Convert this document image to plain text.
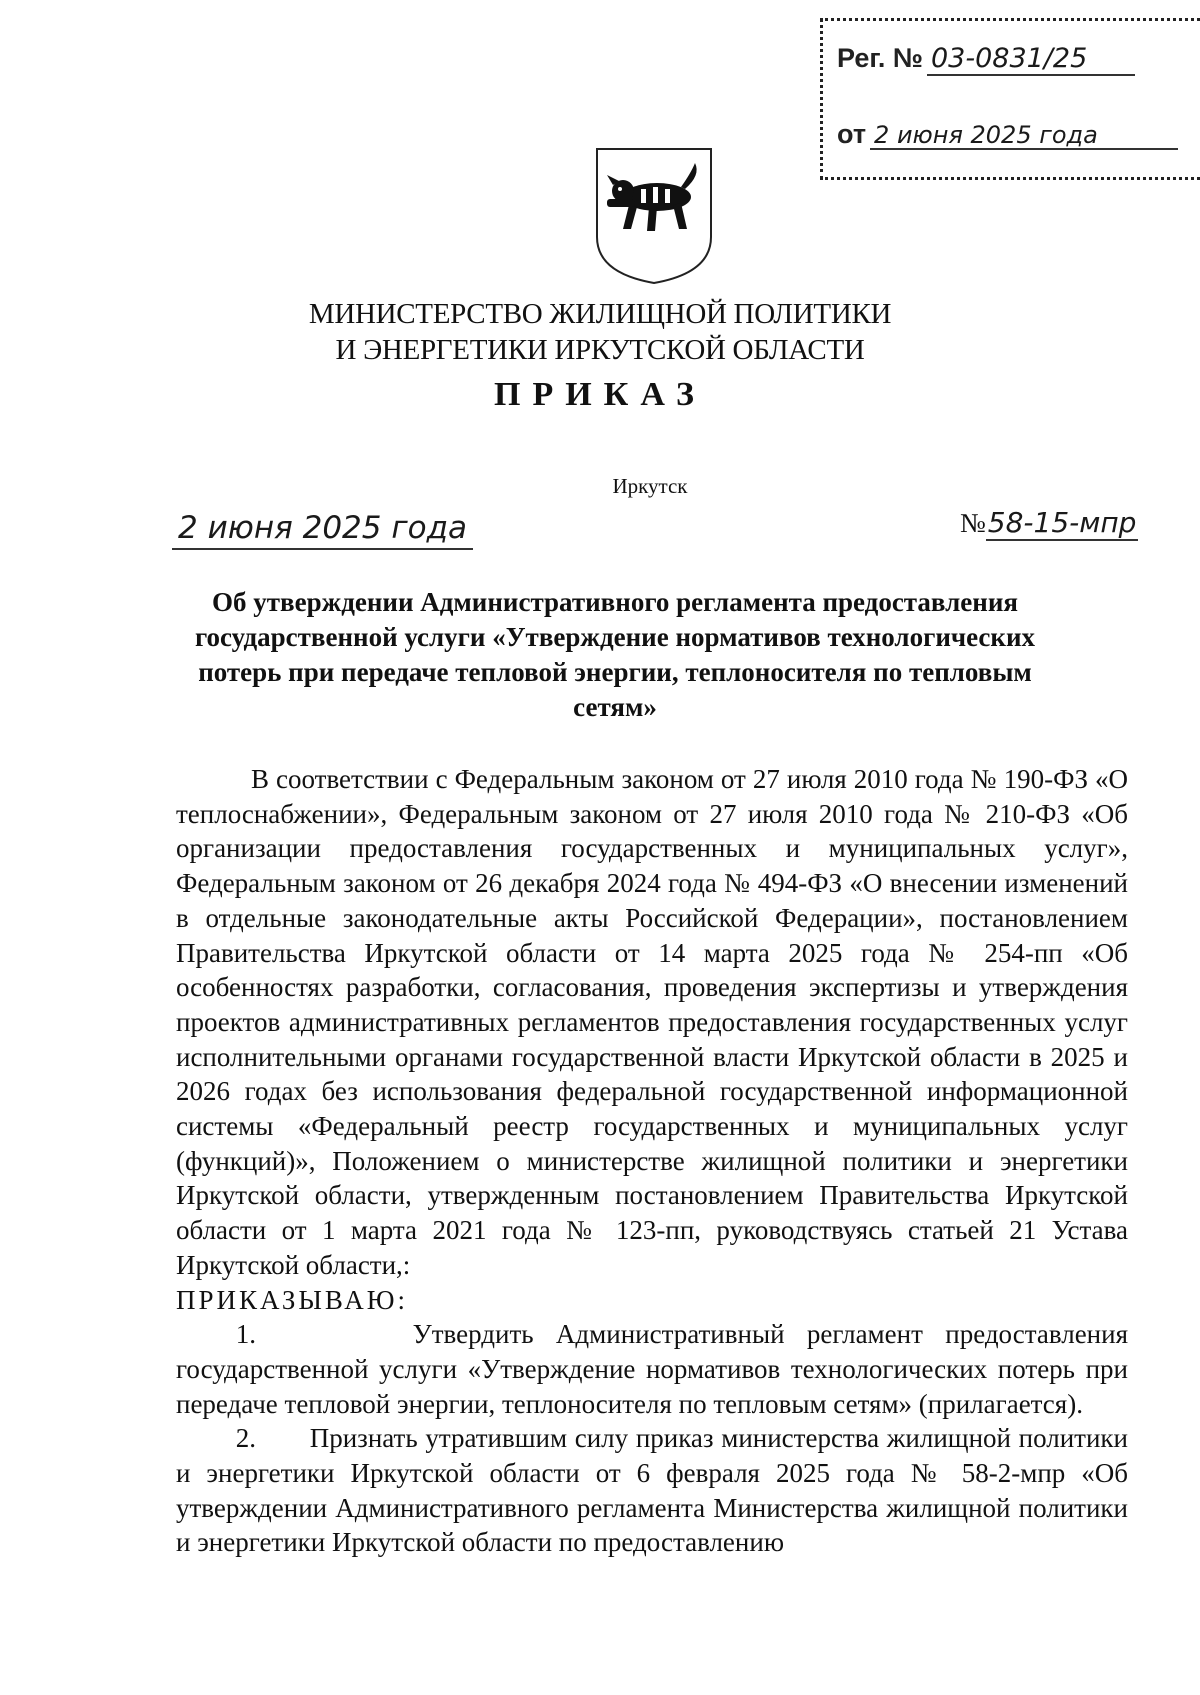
Рег. № 03-0831/25
от 2 июня 2025 года
МИНИСТЕРСТВО ЖИЛИЩНОЙ ПОЛИТИКИ
И ЭНЕРГЕТИКИ ИРКУТСКОЙ ОБЛАСТИ
ПРИКАЗ
Иркутск
2 июня 2025 года	№58-15-мпр
Об утверждении Административного регламента предоставления
государственной услуги «Утверждение нормативов технологических
потерь при передаче тепловой энергии, теплоносителя по тепловым
сетям»

В соответствии с Федеральным законом от 27 июля 2010 года № 190-ФЗ «О теплоснабжении», Федеральным законом от 27 июля 2010 года № 210-ФЗ «Об организации предоставления государственных и муниципальных услуг», Федеральным законом от 26 декабря 2024 года № 494-ФЗ «О внесении изменений в отдельные законодательные акты Российской Федерации», постановлением Правительства Иркутской области от 14 марта 2025 года № 254-пп «Об особенностях разработки, согласования, проведения экспертизы и утверждения проектов административных регламентов предоставления государственных услуг исполнительными органами государственной власти Иркутской области в 2025 и 2026 годах без использования федеральной государственной информационной системы «Федеральный реестр государственных и муниципальных услуг (функций)», Положением о министерстве жилищной политики и энергетики Иркутской области, утвержденным постановлением Правительства Иркутской области от 1 марта 2021 года № 123-пп, руководствуясь статьей 21 Устава Иркутской области,:

ПРИКАЗЫВАЮ:

1.	Утвердить Административный регламент предоставления государственной услуги «Утверждение нормативов технологических потерь при передаче тепловой энергии, теплоносителя по тепловым сетям» (прилагается).

2. Признать утратившим силу приказ министерства жилищной политики и энергетики Иркутской области от 6 февраля 2025 года № 58-2-мпр «Об утверждении Административного регламента Министерства жилищной политики и энергетики Иркутской области по предоставлению
